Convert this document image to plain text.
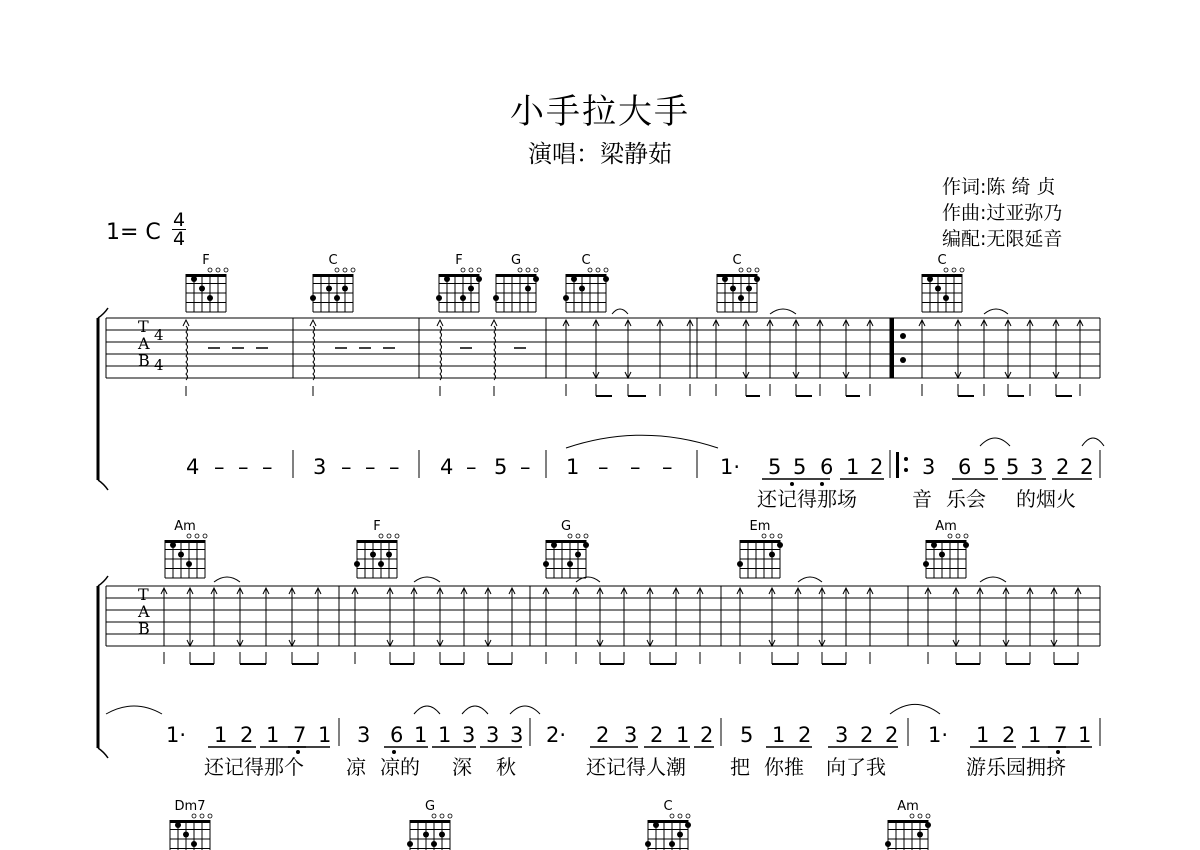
小手拉大手
演唱：梁静茹
作词:陈 绮 贞
作曲:过亚弥乃
编配:无限延音
1= C 4
4
T
A
B
4
4
T
A
B
F	C	F	G	C	C	C
Am	F	G	Em	Am
Dm7	G	C	Am
4 – – – 3 – – – 4 – 5 – 1 – – – 1· 5 5 6 1 2 3 6 5 5 3 2 2
还记得那场	音 乐会 的烟火
1· 1 2 1 7 1 3 6 1 1 3 3 3 2· 2 3 2 1 2 5 1 2 3 2 2 1· 1 2 1 7 1
还记得那个 凉 凉的 深 秋	还记得人潮 把 你推 向了我	游乐园拥挤
